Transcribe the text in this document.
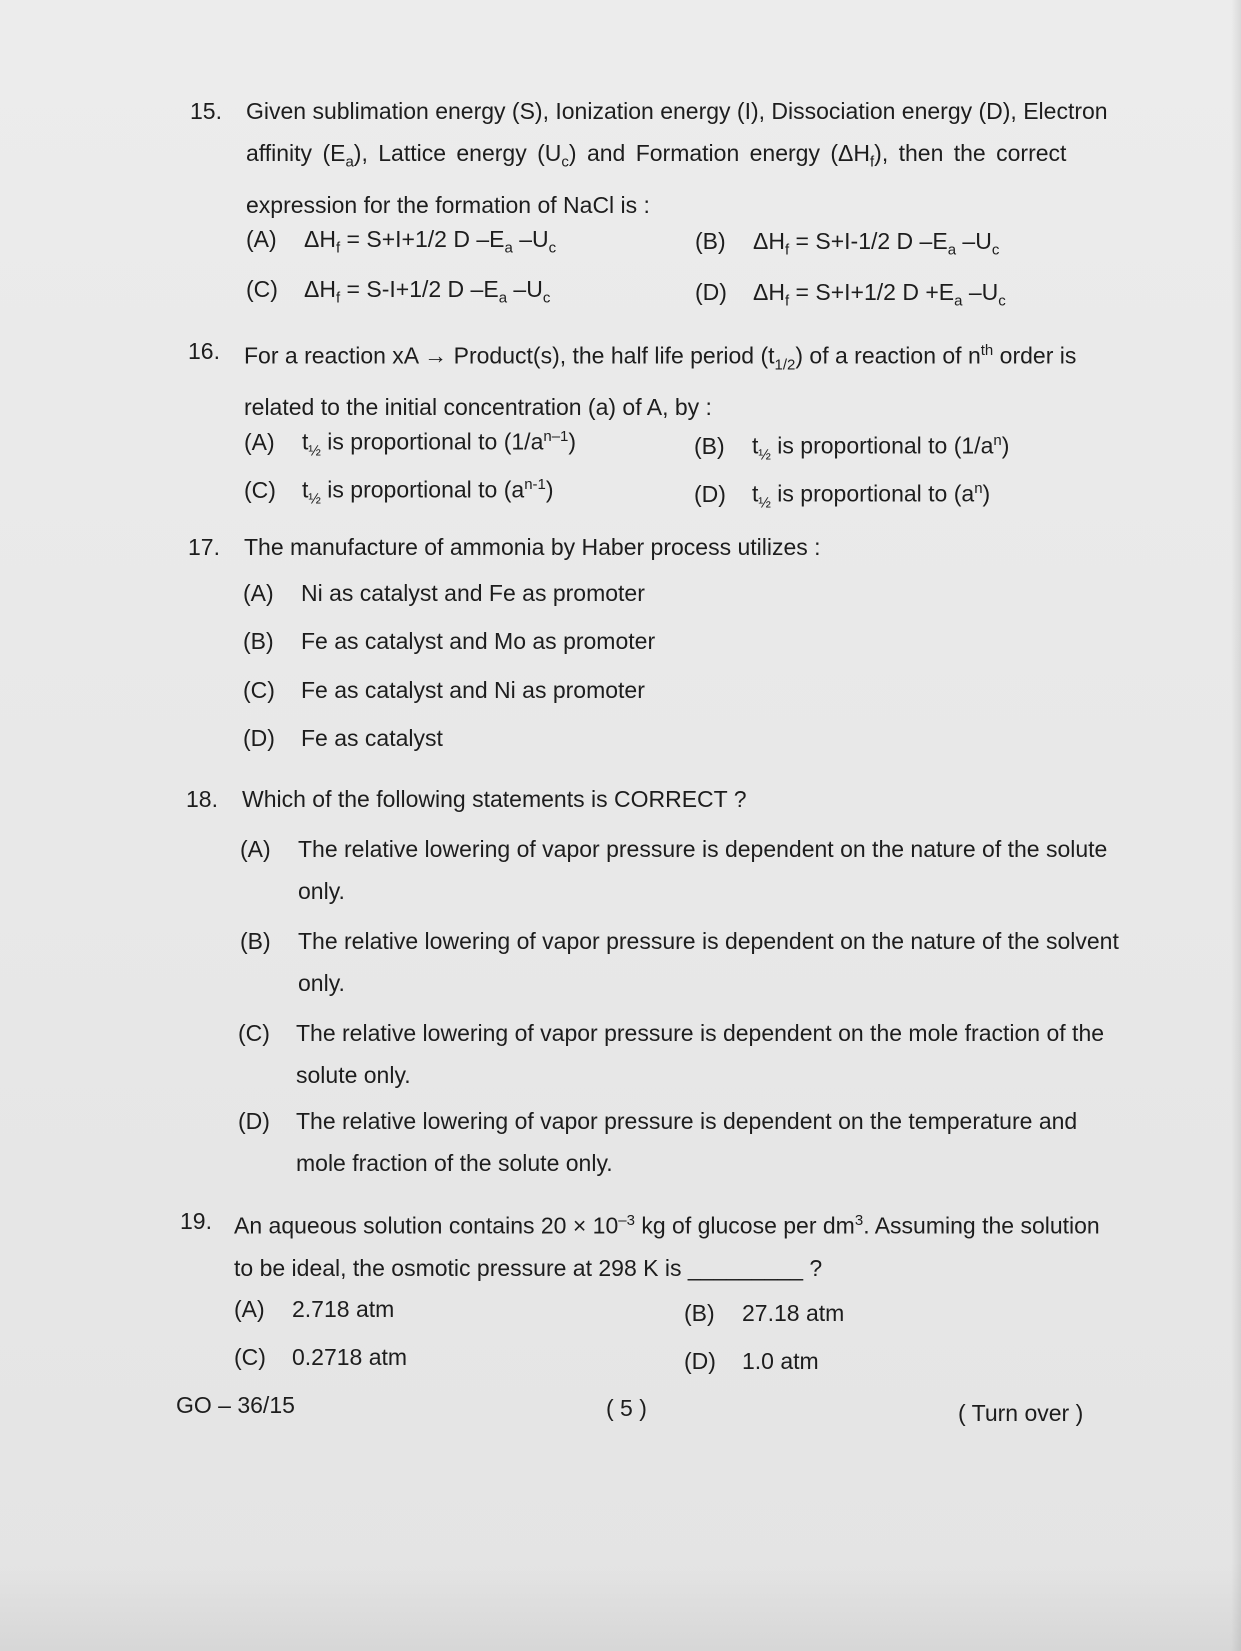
15. Given sublimation energy (S), Ionization energy (I), Dissociation energy (D), Electron
affinity $(E_a)$, Lattice energy $(U_c)$ and Formation energy $(\Delta H_f)$, then the correct
expression for the formation of NaCl is :
(A) $\Delta H_f = S+I+1/2$ D $-E_a$ $-U_c$	(B) $\Delta H_f = S+I-1/2$ D $-E_a$ $-U_c$
(C) $\Delta H_f = S-I+1/2$ D $-E_a$ $-U_c$	(D) $\Delta H_f = S+I+1/2$ $D +E_a$ $-U_c$
16. For a reaction xA → Product(s), the half life period $(t_{1/2})$ of a reaction of $n^{th}$ order is
related to the initial concentration (a) of A, by :
(A) $t_{\frac{1}{2}}$ is proportional to $(1/a^{n-1})$	(B) $t_{\frac{1}{2}}$ is proportional to $(1/a^n)$
(C) $t_{\frac{1}{2}}$ is proportional to $(a^{n-1})$	(D) $t_{\frac{1}{2}}$ is proportional to $(a^n)$
17. The manufacture of ammonia by Haber process utilizes :
(A) Ni as catalyst and Fe as promoter
(B) Fe as catalyst and Mo as promoter
(C) Fe as catalyst and Ni as promoter
(D) Fe as catalyst
18. Which of the following statements is CORRECT ?
(A) The relative lowering of vapor pressure is dependent on the nature of the solute only.
(B) The relative lowering of vapor pressure is dependent on the nature of the solvent only.
(C) The relative lowering of vapor pressure is dependent on the mole fraction of the solute only.
(D) The relative lowering of vapor pressure is dependent on the temperature and mole fraction of the solute only.
19. An aqueous solution contains $20 \times 10^{-3}$ kg of glucose per $dm^3$. Assuming the solution
to be ideal, the osmotic pressure at 298 K is _________ ?
(A) 2.718 atm	(B) 27.18 atm
(C) 0.2718 atm	(D) 1.0 atm
GO – 36/15	( 5 )	( Turn over )
